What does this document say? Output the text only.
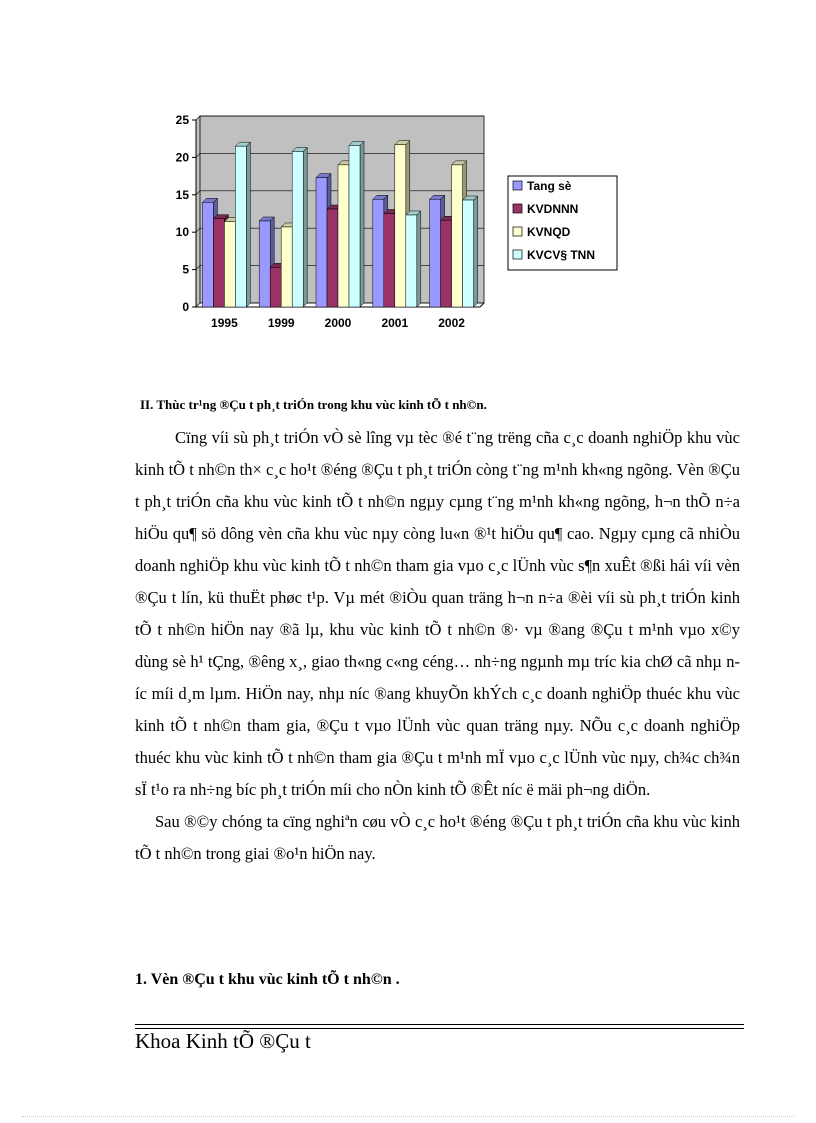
0
5
10
15
20
25
1995	1999	2000	2001	2002
Tang sè
KVDNNN
KVNQD
KVCV§ TNN

II. Thùc tr¹ng ®Çu t ph¸t triÓn trong khu vùc kinh tÕ t nh©n.

Cïng víi sù ph¸t triÓn vÒ sè lîng vµ tèc ®é t¨ng trëng cña c¸c doanh nghiÖp khu vùc kinh tÕ t nh©n th× c¸c ho¹t ®éng ®Çu t ph¸t triÓn còng t¨ng m¹nh kh«ng ngõng. Vèn ®Çu t ph¸t triÓn cña khu vùc kinh tÕ t nh©n ngµy cµng t¨ng m¹nh kh«ng ngõng, h¬n thÕ n÷a hiÖu qu¶ sö dông vèn cña khu vùc nµy còng lu«n ®¹t hiÖu qu¶ cao. Ngµy cµng cã nhiÒu doanh nghiÖp khu vùc kinh tÕ t nh©n tham gia vµo c¸c lÜnh vùc s¶n xuÊt ®ßi hái víi vèn ®Çu t lín, kü thuËt phøc t¹p. Vµ mét ®iÒu quan träng h¬n n÷a ®èi víi sù ph¸t triÓn kinh tÕ t nh©n hiÖn nay ®ã lµ, khu vùc kinh tÕ t nh©n ®· vµ ®ang ®Çu t m¹nh vµo x©y dùng sè h¹ tÇng, ®êng x¸, giao th«ng c«ng céng… nh÷ng ngµnh mµ tríc kia chØ cã nhµ níc míi d¸m lµm. HiÖn nay, nhµ níc ®ang khuyÕn khÝch c¸c doanh nghiÖp thuéc khu vùc kinh tÕ t nh©n tham gia, ®Çu t vµo lÜnh vùc quan träng nµy. NÕu c¸c doanh nghiÖp thuéc khu vùc kinh tÕ t nh©n tham gia ®Çu t m¹nh mÏ vµo c¸c lÜnh vùc nµy, ch¾c ch¾n sÏ t¹o ra nh÷ng bíc ph¸t triÓn míi cho nÒn kinh tÕ ®Êt níc ë mäi ph¬ng diÖn.

Sau ®©y chóng ta cïng nghiªn cøu vÒ c¸c ho¹t ®éng ®Çu t ph¸t triÓn cña khu vùc kinh tÕ t nh©n trong giai ®o¹n hiÖn nay.

1. Vèn ®Çu t khu vùc kinh tÕ t nh©n .

Khoa Kinh tÕ ®Çu t
